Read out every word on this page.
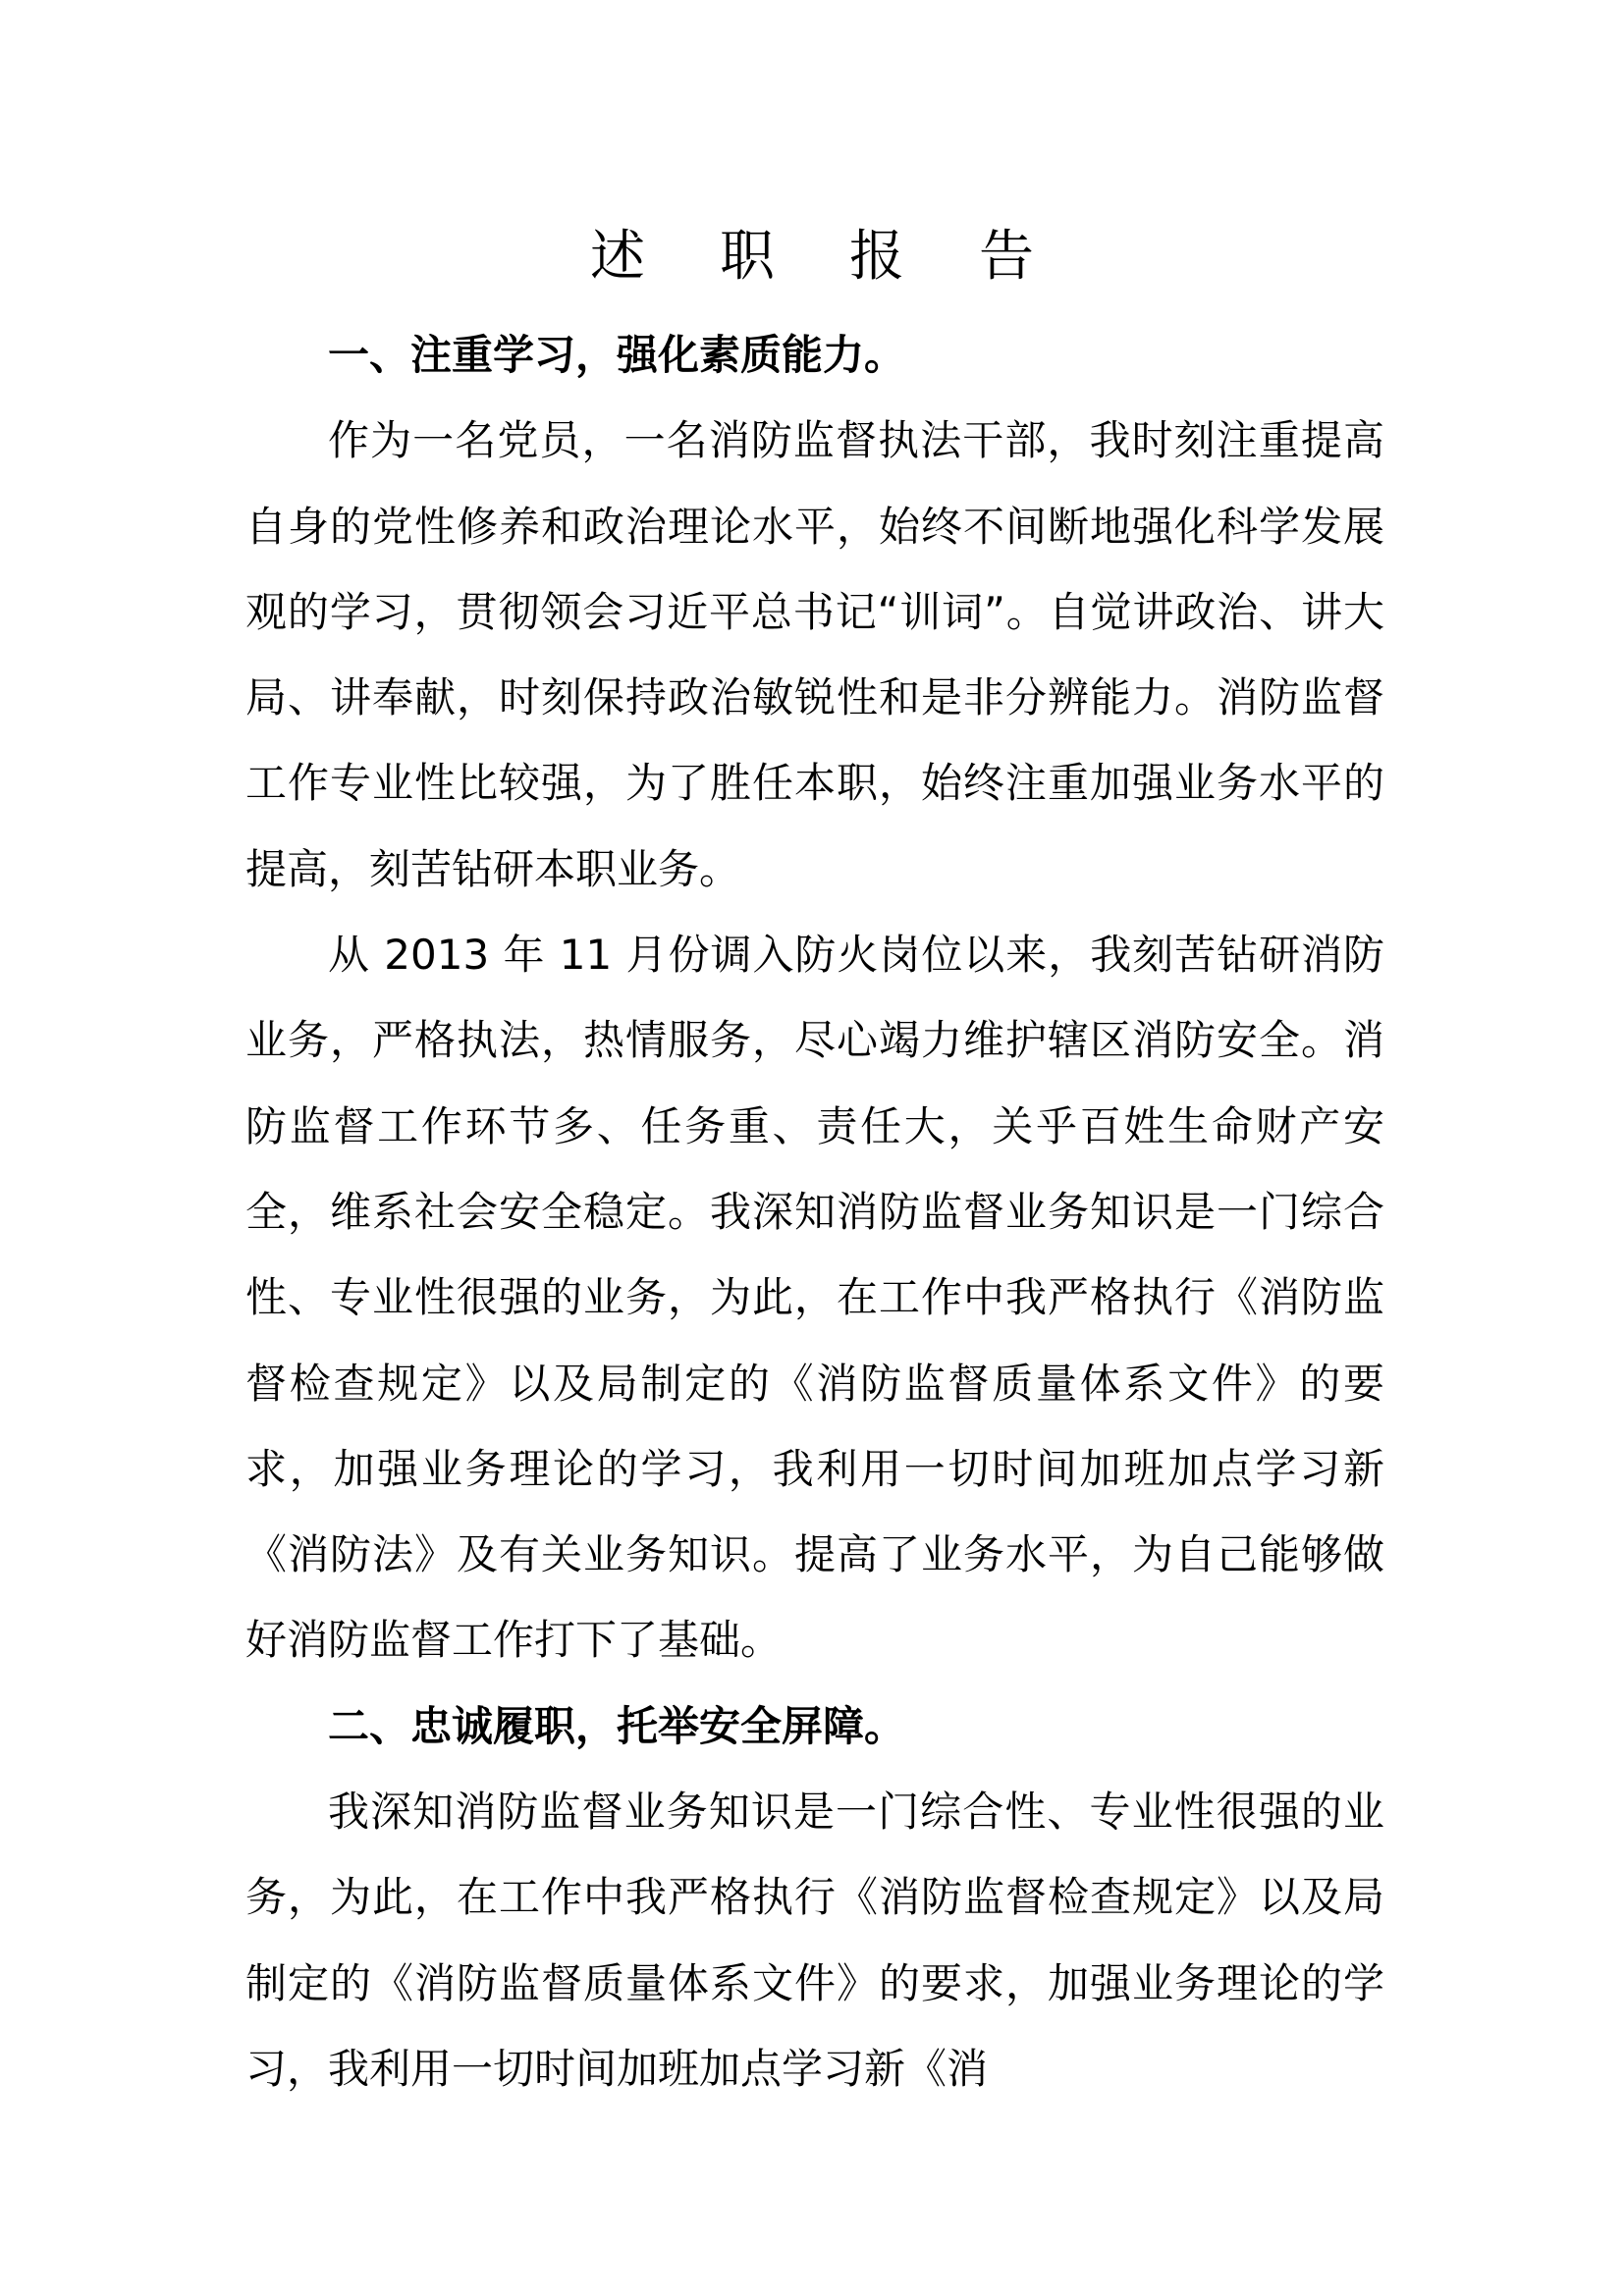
述 职 报 告

一、注重学习，强化素质能力。

作为一名党员，一名消防监督执法干部，我时刻注重提高自身的党性修养和政治理论水平，始终不间断地强化科学发展观的学习，贯彻领会习近平总书记“训词”。自觉讲政治、讲大局、讲奉献，时刻保持政治敏锐性和是非分辨能力。消防监督工作专业性比较强，为了胜任本职，始终注重加强业务水平的提高，刻苦钻研本职业务。

从 2013 年 11 月份调入防火岗位以来，我刻苦钻研消防业务，严格执法，热情服务，尽心竭力维护辖区消防安全。消防监督工作环节多、任务重、责任大，关乎百姓生命财产安全，维系社会安全稳定。我深知消防监督业务知识是一门综合性、专业性很强的业务，为此，在工作中我严格执行《消防监督检查规定》以及局制定的《消防监督质量体系文件》的要求，加强业务理论的学习，我利用一切时间加班加点学习新《消防法》及有关业务知识。提高了业务水平，为自己能够做好消防监督工作打下了基础。

二、忠诚履职，托举安全屏障。

我深知消防监督业务知识是一门综合性、专业性很强的业务，为此，在工作中我严格执行《消防监督检查规定》以及局制定的《消防监督质量体系文件》的要求，加强业务理论的学习，我利用一切时间加班加点学习新《消
